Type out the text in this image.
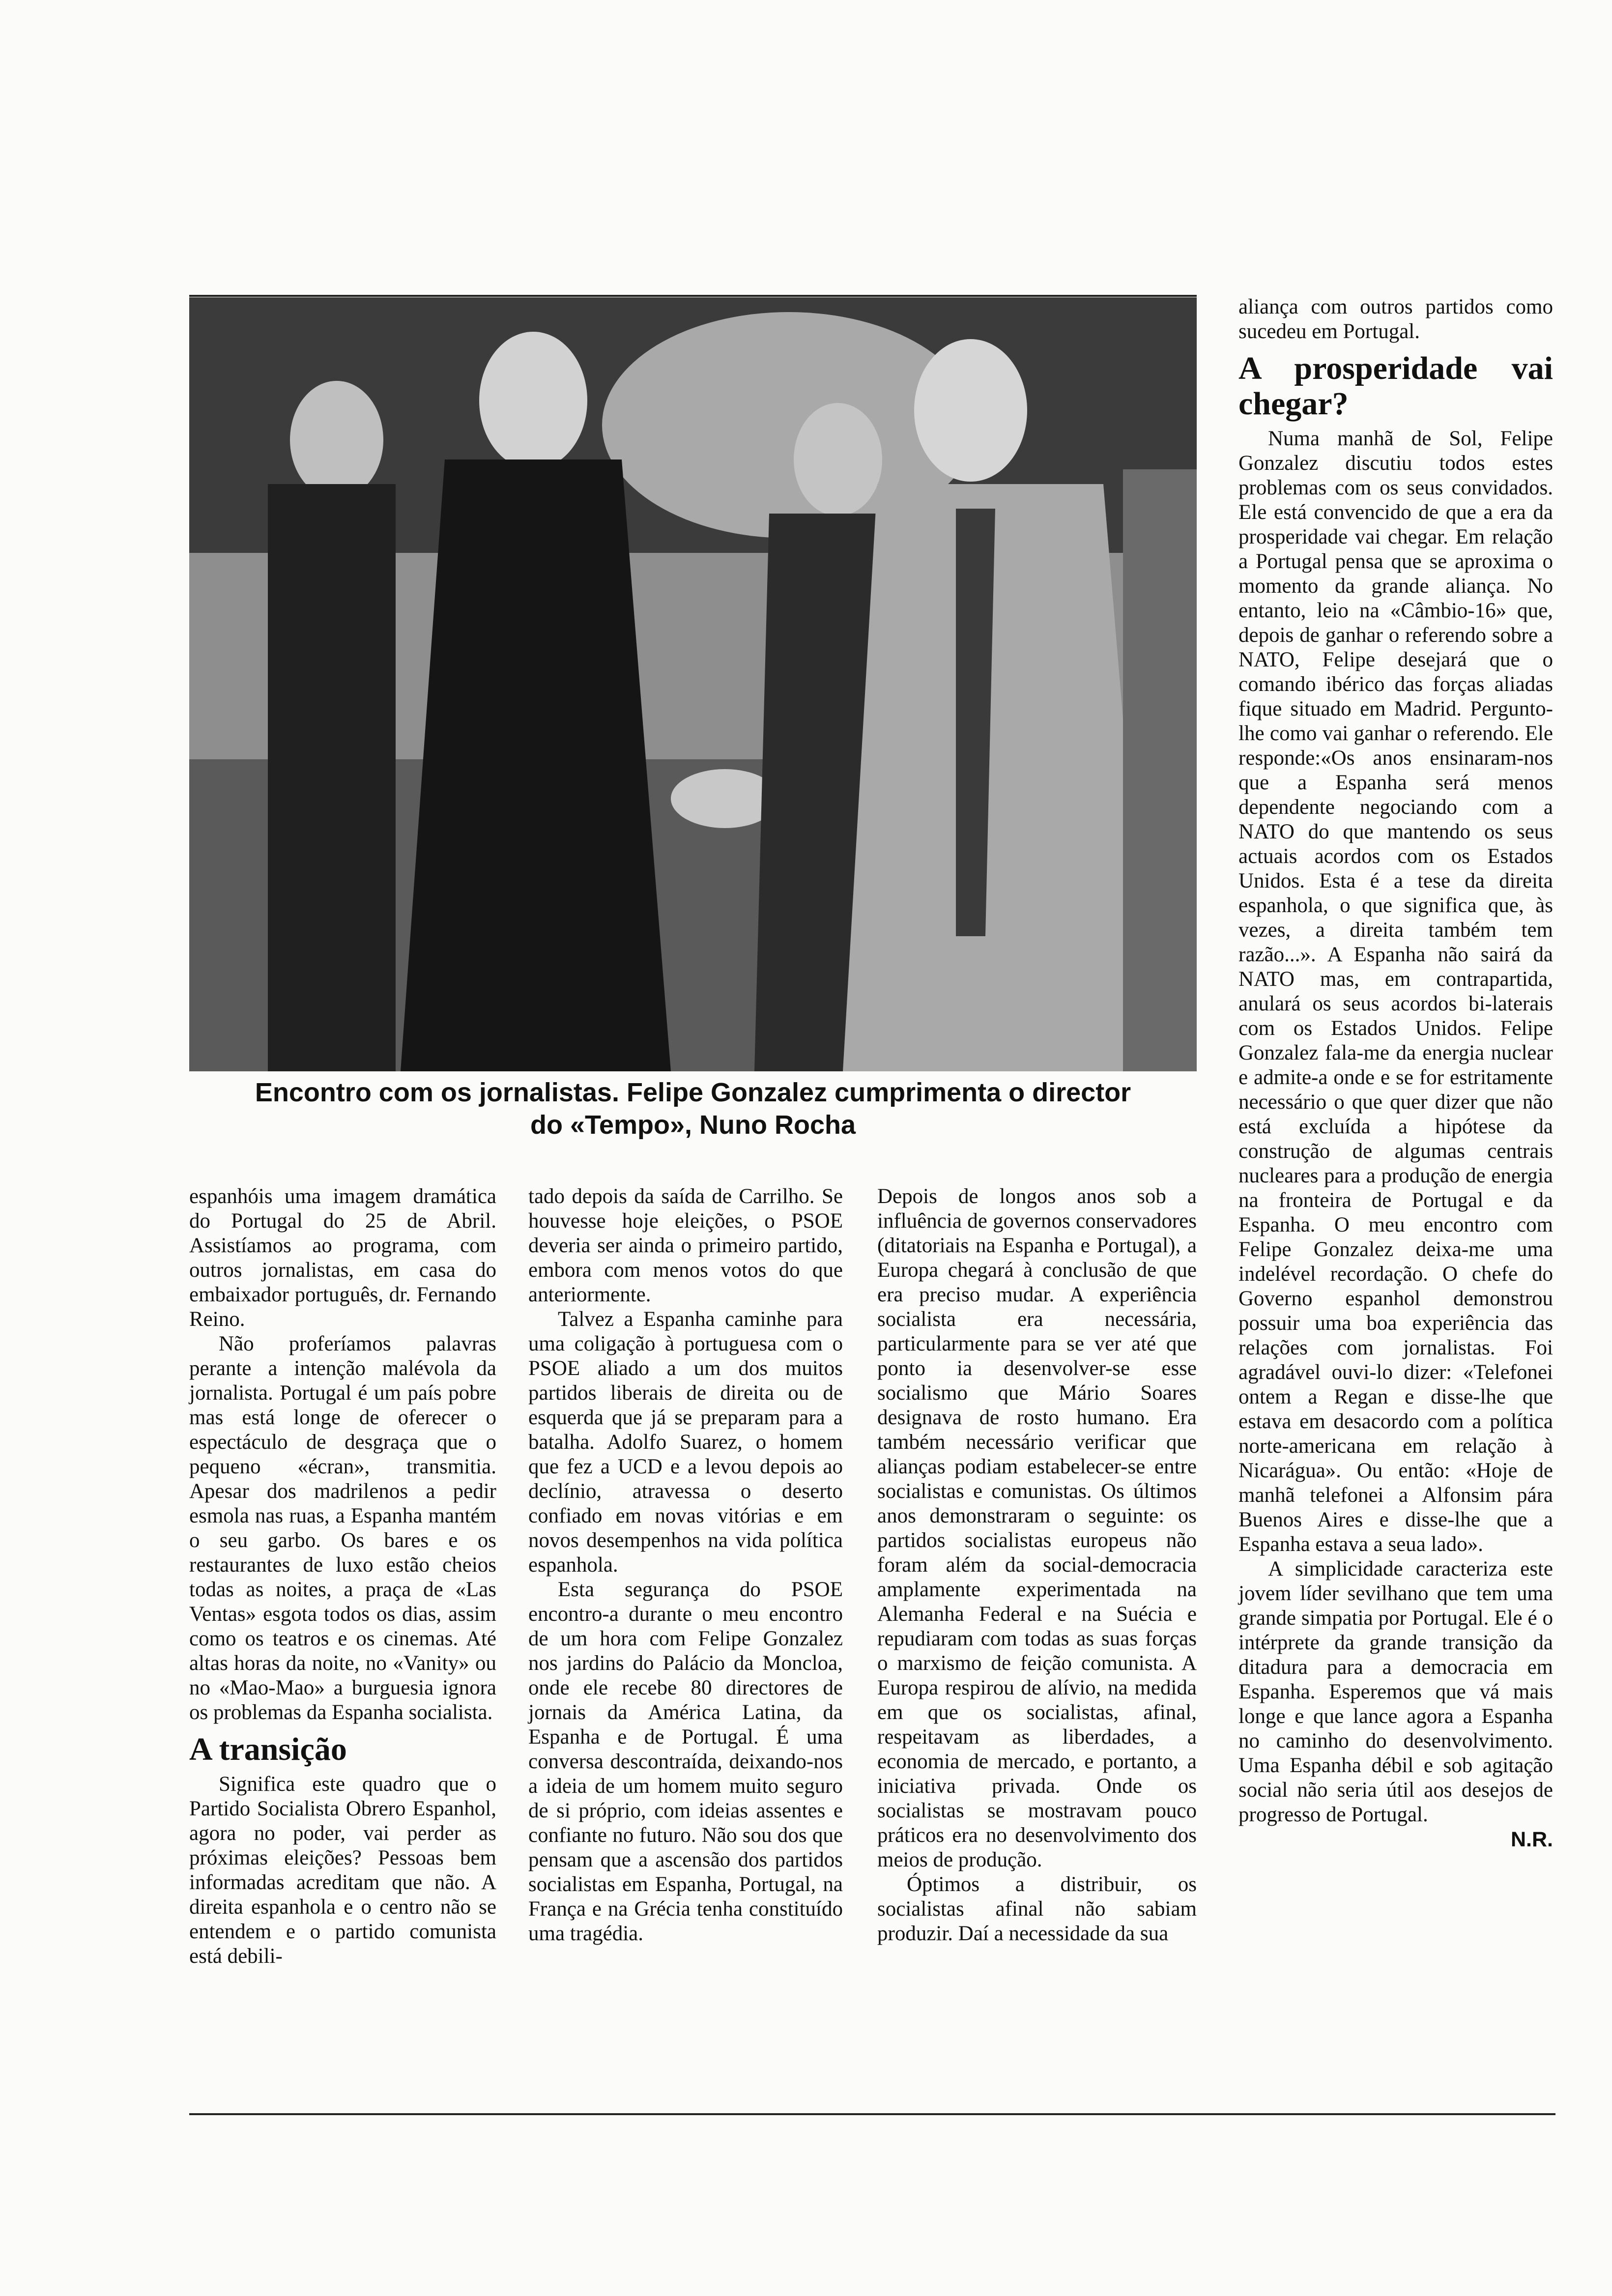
Encontro com os jornalistas. Felipe Gonzalez cumprimenta o director
do «Tempo», Nuno Rocha

espanhóis uma imagem dramática do Portugal do 25 de Abril. Assistíamos ao programa, com outros jornalistas, em casa do embaixador português, dr. Fernando Reino.

Não proferíamos palavras perante a intenção malévola da jornalista. Portugal é um país pobre mas está longe de oferecer o espectáculo de desgraça que o pequeno «écran», transmitia. Apesar dos madrilenos a pedir esmola nas ruas, a Espanha mantém o seu garbo. Os bares e os restaurantes de luxo estão cheios todas as noites, a praça de «Las Ventas» esgota todos os dias, assim como os teatros e os cinemas. Até altas horas da noite, no «Vanity» ou no «Mao-Mao» a burguesia ignora os problemas da Espanha socialista.

A transição

Significa este quadro que o Partido Socialista Obrero Espanhol, agora no poder, vai perder as próximas eleições? Pessoas bem informadas acreditam que não. A direita espanhola e o centro não se entendem e o partido comunista está debili-

tado depois da saída de Carrilho. Se houvesse hoje eleições, o PSOE deveria ser ainda o primeiro partido, embora com menos votos do que anteriormente.

Talvez a Espanha caminhe para uma coligação à portuguesa com o PSOE aliado a um dos muitos partidos liberais de direita ou de esquerda que já se preparam para a batalha. Adolfo Suarez, o homem que fez a UCD e a levou depois ao declínio, atravessa o deserto confiado em novas vitórias e em novos desempenhos na vida política espanhola.

Esta segurança do PSOE encontro-a durante o meu encontro de um hora com Felipe Gonzalez nos jardins do Palácio da Moncloa, onde ele recebe 80 directores de jornais da América Latina, da Espanha e de Portugal. É uma conversa descontraída, deixando-nos a ideia de um homem muito seguro de si próprio, com ideias assentes e confiante no futuro. Não sou dos que pensam que a ascensão dos partidos socialistas em Espanha, Portugal, na França e na Grécia tenha constituído uma tragédia.

Depois de longos anos sob a influência de governos conservadores (ditatoriais na Espanha e Portugal), a Europa chegará à conclusão de que era preciso mudar. A experiência socialista era necessária, particularmente para se ver até que ponto ia desenvolver-se esse socialismo que Mário Soares designava de rosto humano. Era também necessário verificar que alianças podiam estabelecer-se entre socialistas e comunistas. Os últimos anos demonstraram o seguinte: os partidos socialistas europeus não foram além da social-democracia amplamente experimentada na Alemanha Federal e na Suécia e repudiaram com todas as suas forças o marxismo de feição comunista. A Europa respirou de alívio, na medida em que os socialistas, afinal, respeitavam as liberdades, a economia de mercado, e portanto, a iniciativa privada. Onde os socialistas se mostravam pouco práticos era no desenvolvimento dos meios de produção.

Óptimos a distribuir, os socialistas afinal não sabiam produzir. Daí a necessidade da sua

aliança com outros partidos como sucedeu em Portugal.

A prosperidade vai chegar?

Numa manhã de Sol, Felipe Gonzalez discutiu todos estes problemas com os seus convidados. Ele está convencido de que a era da prosperidade vai chegar. Em relação a Portugal pensa que se aproxima o momento da grande aliança. No entanto, leio na «Câmbio-16» que, depois de ganhar o referendo sobre a NATO, Felipe desejará que o comando ibérico das forças aliadas fique situado em Madrid. Pergunto-lhe como vai ganhar o referendo. Ele responde:«Os anos ensinaram-nos que a Espanha será menos dependente negociando com a NATO do que mantendo os seus actuais acordos com os Estados Unidos. Esta é a tese da direita espanhola, o que significa que, às vezes, a direita também tem razão...». A Espanha não sairá da NATO mas, em contrapartida, anulará os seus acordos bi-laterais com os Estados Unidos. Felipe Gonzalez fala-me da energia nuclear e admite-a onde e se for estritamente necessário o que quer dizer que não está excluída a hipótese da construção de algumas centrais nucleares para a produção de energia na fronteira de Portugal e da Espanha. O meu encontro com Felipe Gonzalez deixa-me uma indelével recordação. O chefe do Governo espanhol demonstrou possuir uma boa experiência das relações com jornalistas. Foi agradável ouvi-lo dizer: «Telefonei ontem a Regan e disse-lhe que estava em desacordo com a política norte-americana em relação à Nicarágua». Ou então: «Hoje de manhã telefonei a Alfonsim pára Buenos Aires e disse-lhe que a Espanha estava a seua lado».

A simplicidade caracteriza este jovem líder sevilhano que tem uma grande simpatia por Portugal. Ele é o intérprete da grande transição da ditadura para a democracia em Espanha. Esperemos que vá mais longe e que lance agora a Espanha no caminho do desenvolvimento. Uma Espanha débil e sob agitação social não seria útil aos desejos de progresso de Portugal.

N.R.
